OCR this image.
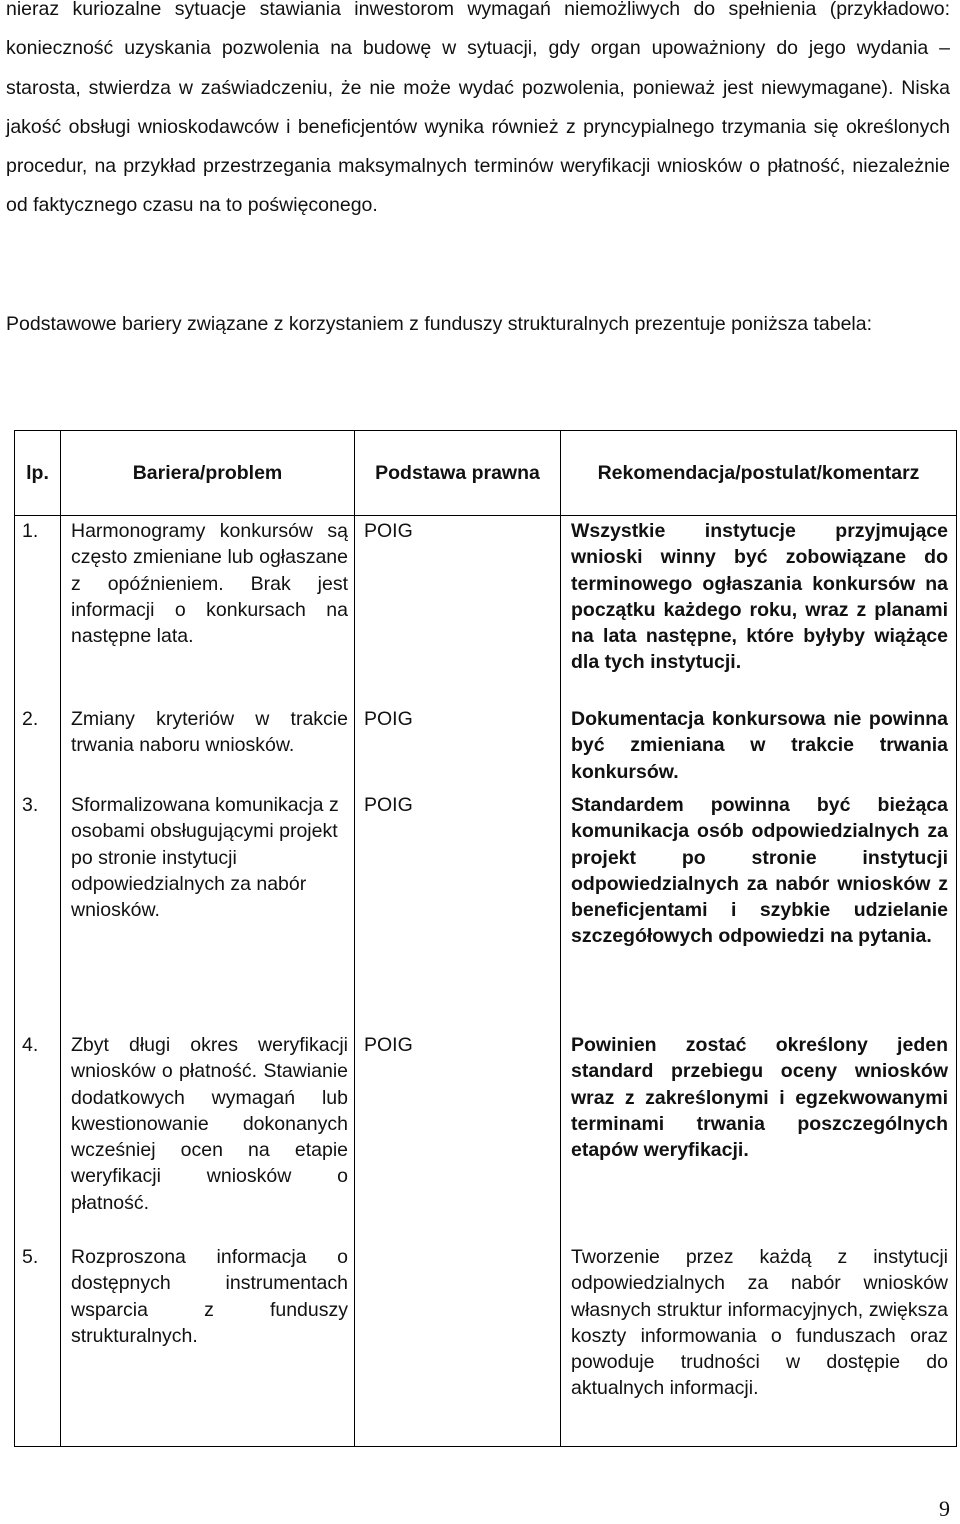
nieraz kuriozalne sytuacje stawiania inwestorom wymagań niemożliwych do spełnienia (przykładowo: konieczność uzyskania pozwolenia na budowę w sytuacji, gdy organ upoważniony do jego wydania – starosta, stwierdza w zaświadczeniu, że nie może wydać pozwolenia, ponieważ jest niewymagane). Niska jakość obsługi wnioskodawców i beneficjentów wynika również z pryncypialnego trzymania się określonych procedur, na przykład przestrzegania maksymalnych terminów weryfikacji wniosków o płatność, niezależnie od faktycznego czasu na to poświęconego.

Podstawowe bariery związane z korzystaniem z funduszy strukturalnych prezentuje poniższa tabela:

lp.	Bariera/problem	Podstawa prawna	Rekomendacja/postulat/komentarz
1.	Harmonogramy konkursów są często zmieniane lub ogłaszane z opóźnieniem. Brak jest informacji o konkursach na następne lata.	POIG	Wszystkie instytucje przyjmujące wnioski winny być zobowiązane do terminowego ogłaszania konkursów na początku każdego roku, wraz z planami na lata następne, które byłyby wiążące dla tych instytucji.
2.	Zmiany kryteriów w trakcie trwania naboru wniosków.	POIG	Dokumentacja konkursowa nie powinna być zmieniana w trakcie trwania konkursów.
3.	Sformalizowana komunikacja z osobami obsługującymi projekt po stronie instytucji odpowiedzialnych za nabór wniosków.	POIG	Standardem powinna być bieżąca komunikacja osób odpowiedzialnych za projekt po stronie instytucji odpowiedzialnych za nabór wniosków z beneficjentami i szybkie udzielanie szczegółowych odpowiedzi na pytania.
4.	Zbyt długi okres weryfikacji wniosków o płatność. Stawianie dodatkowych wymagań lub kwestionowanie dokonanych wcześniej ocen na etapie weryfikacji wniosków o płatność.	POIG	Powinien zostać określony jeden standard przebiegu oceny wniosków wraz z zakreślonymi i egzekwowanymi terminami trwania poszczególnych etapów weryfikacji.
5.	Rozproszona informacja o dostępnych instrumentach wsparcia z funduszy strukturalnych.		Tworzenie przez każdą z instytucji odpowiedzialnych za nabór wniosków własnych struktur informacyjnych, zwiększa koszty informowania o funduszach oraz powoduje trudności w dostępie do aktualnych informacji.
9
